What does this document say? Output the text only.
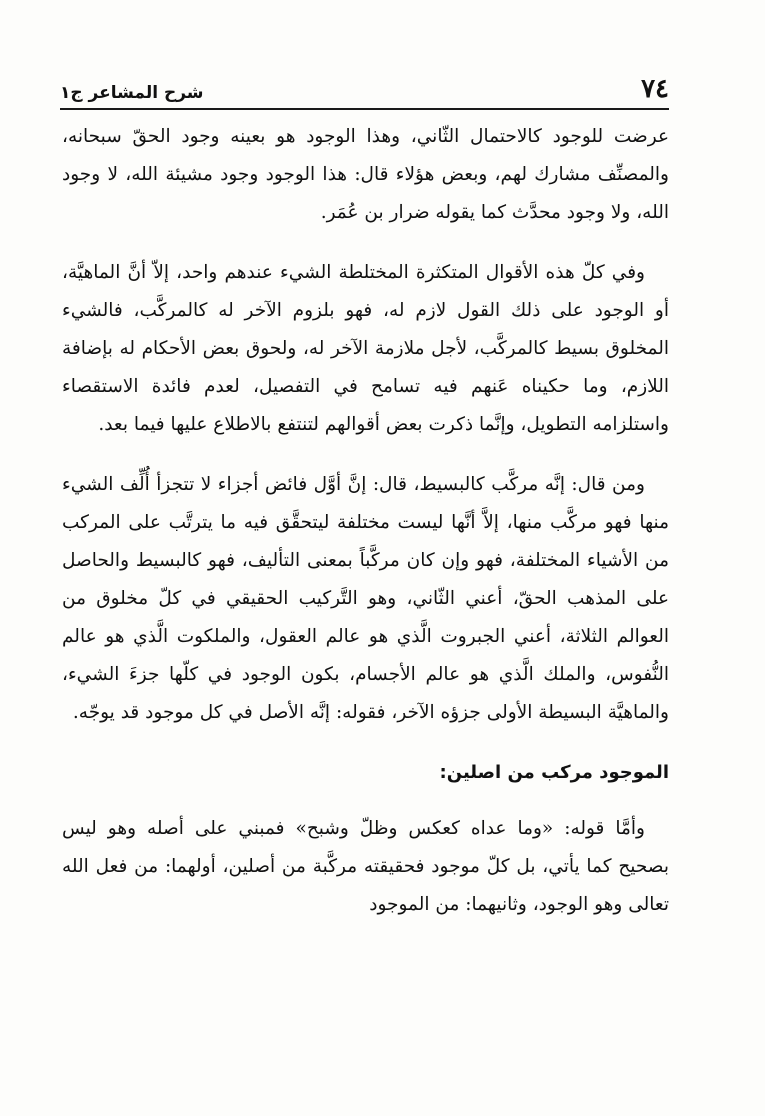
٧٤
شرح المشاعر ج١

عرضت للوجود كالاحتمال الثّاني، وهذا الوجود هو بعينه وجود الحقّ سبحانه، والمصنِّف مشارك لهم، وبعض هؤلاء قال: هذا الوجود وجود مشيئة الله، لا وجود الله، ولا وجود محدَّث كما يقوله ضرار بن عُمَر.

وفي كلّ هذه الأقوال المتكثرة المختلطة الشيء عندهم واحد، إلاّ أنَّ الماهيَّة، أو الوجود على ذلك القول لازم له، فهو بلزوم الآخر له كالمركَّب، فالشيء المخلوق بسيط كالمركَّب، لأجل ملازمة الآخر له، ولحوق بعض الأحكام له بإضافة اللازم، وما حكيناه عَنهم فيه تسامح في التفصيل، لعدم فائدة الاستقصاء واستلزامه التطويل، وإنَّما ذكرت بعض أقوالهم لتنتفع بالاطلاع عليها فيما بعد.

ومن قال: إنَّه مركَّب كالبسيط، قال: إنَّ أوَّل فائض أجزاء لا تتجزأ أُلِّف الشيء منها فهو مركَّب منها، إلاَّ أنَّها ليست مختلفة ليتحقَّق فيه ما يترتَّب على المركب من الأشياء المختلفة، فهو وإن كان مركَّباً بمعنى التأليف، فهو كالبسيط والحاصل على المذهب الحقّ، أعني الثّاني، وهو التَّركيب الحقيقي في كلّ مخلوق من العوالم الثلاثة، أعني الجبروت الَّذي هو عالم العقول، والملكوت الَّذي هو عالم النُّفوس، والملك الَّذي هو عالم الأجسام، بكون الوجود في كلّها جزءَ الشيء، والماهيَّة البسيطة الأولى جزؤه الآخر، فقوله: إنَّه الأصل في كل موجود قد يوجّه.

الموجود مركب من اصلين:

وأمَّا قوله: «وما عداه كعكس وظلّ وشبح» فمبني على أصله وهو ليس بصحيح كما يأتي، بل كلّ موجود فحقيقته مركَّبة من أصلين، أولهما: من فعل الله تعالى وهو الوجود، وثانيهما: من الموجود
